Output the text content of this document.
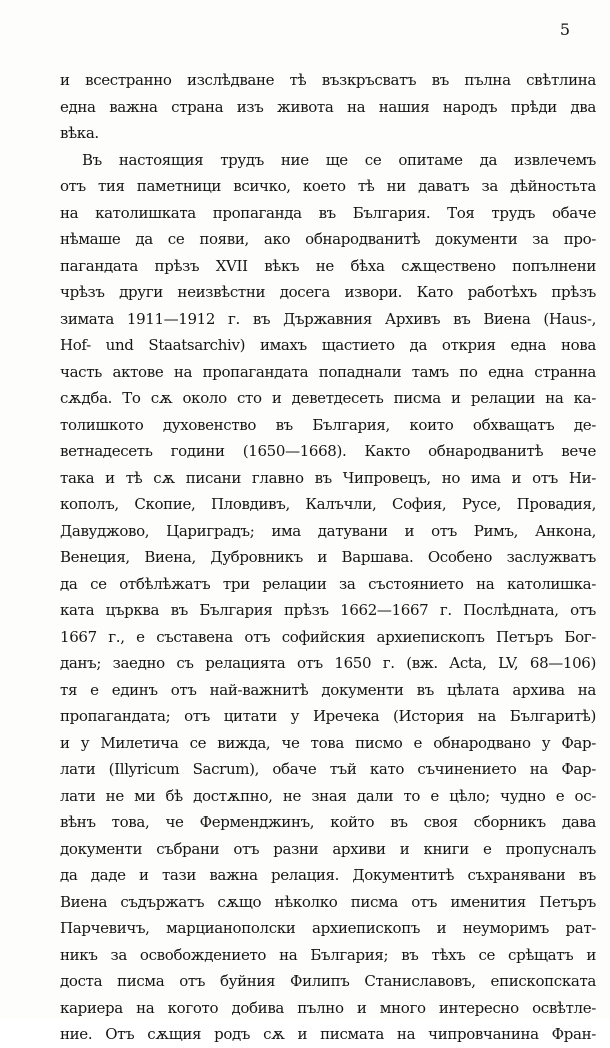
5
и всестранно изслѣдване тѣ възкръсватъ въ пълна свѣтлина
една важна страна изъ живота на нашия народъ прѣди два
вѣка.
Въ настоящия трудъ ние ще се опитаме да извлечемъ
отъ тия паметници всичко, което тѣ ни даватъ за дѣйностьта
на католишката пропаганда въ България. Тоя трудъ обаче
нѣмаше да се появи, ако обнародванитѣ документи за про-
пагандата прѣзъ XVII вѣкъ не бѣха сѫществено попълнени
чрѣзъ други неизвѣстни досега извори. Като работѣхъ прѣзъ
зимата 1911—1912 г. въ Държавния Архивъ въ Виена (Haus-,
Hof- und Staatsarchiv) имахъ щастието да открия една нова
часть актове на пропагандата попаднали тамъ по една странна
сѫдба. То сѫ около сто и деветдесеть писма и релации на ка-
толишкото духовенство въ България, които обхващатъ де-
ветнадесеть години (1650—1668). Както обнародванитѣ вече
така и тѣ сѫ писани главно въ Чипровецъ, но има и отъ Ни-
кополъ, Скопие, Пловдивъ, Калъчли, София, Русе, Провадия,
Давуджово, Цариградъ; има датувани и отъ Римъ, Анкона,
Венеция, Виена, Дубровникъ и Варшава. Особено заслужватъ
да се отбѣлѣжатъ три релации за състоянието на католишка-
ката църква въ България прѣзъ 1662—1667 г. Послѣдната, отъ
1667 г., е съставена отъ софийския архиепископъ Петъръ Бог-
данъ; заедно съ релацията отъ 1650 г. (вж. Acta, LV, 68—106)
тя е единъ отъ най-важнитѣ документи въ цѣлата архива на
пропагандата; отъ цитати у Иречека (История на Българитѣ)
и у Милетича се вижда, че това писмо е обнародвано у Фар-
лати (Illyricum Sacrum), обаче тъй като съчинението на Фар-
лати не ми бѣ достѫпно, не зная дали то е цѣло; чудно е ос-
вѣнъ това, че Ферменджинъ, който въ своя сборникъ дава
документи събрани отъ разни архиви и книги е пропусналъ
да даде и тази важна релация. Документитѣ съхранявани въ
Виена съдържатъ сѫщо нѣколко писма отъ именития Петъръ
Парчевичъ, марцианополски архиепископъ и неуморимъ рат-
никъ за освобождението на България; въ тѣхъ се срѣщатъ и
доста писма отъ буйния Филипъ Станиславовъ, епископската
кариера на когото добива пълно и много интересно освѣтле-
ние. Отъ сѫщия родъ сѫ и писмата на чипровчанина Фран-
